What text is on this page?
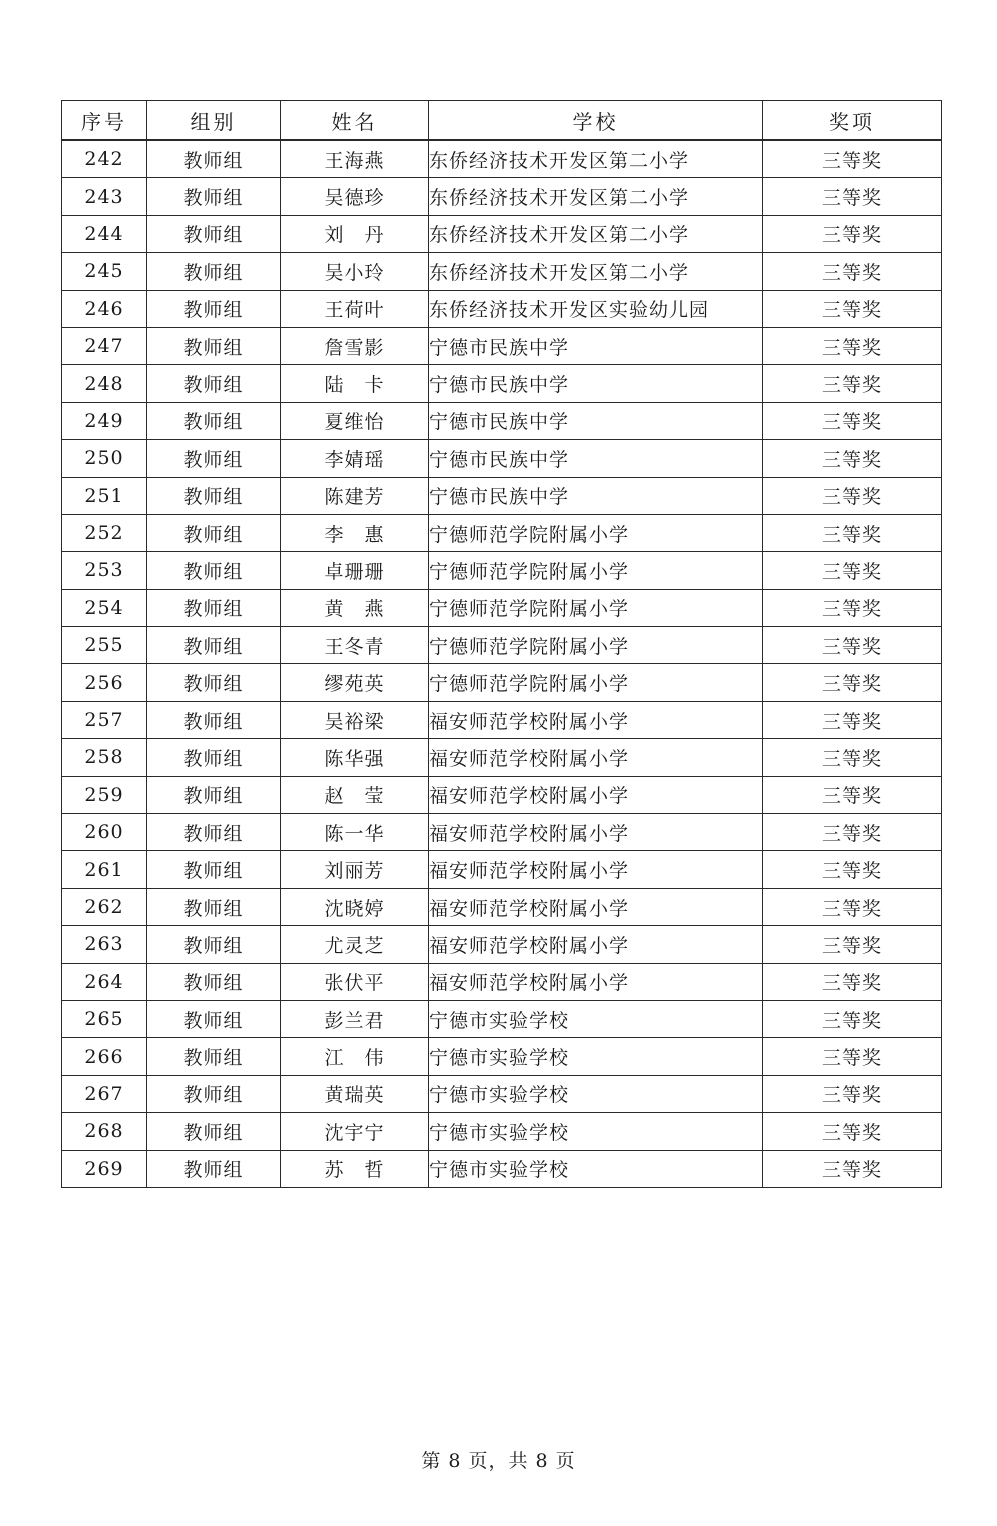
序号	组别	姓名	学校	奖项
242	教师组	王海燕	东侨经济技术开发区第二小学	三等奖
243	教师组	吴德珍	东侨经济技术开发区第二小学	三等奖
244	教师组	刘　丹	东侨经济技术开发区第二小学	三等奖
245	教师组	吴小玲	东侨经济技术开发区第二小学	三等奖
246	教师组	王荷叶	东侨经济技术开发区实验幼儿园	三等奖
247	教师组	詹雪影	宁德市民族中学	三等奖
248	教师组	陆　卡	宁德市民族中学	三等奖
249	教师组	夏维怡	宁德市民族中学	三等奖
250	教师组	李婧瑶	宁德市民族中学	三等奖
251	教师组	陈建芳	宁德市民族中学	三等奖
252	教师组	李　惠	宁德师范学院附属小学	三等奖
253	教师组	卓珊珊	宁德师范学院附属小学	三等奖
254	教师组	黄　燕	宁德师范学院附属小学	三等奖
255	教师组	王冬青	宁德师范学院附属小学	三等奖
256	教师组	缪苑英	宁德师范学院附属小学	三等奖
257	教师组	吴裕梁	福安师范学校附属小学	三等奖
258	教师组	陈华强	福安师范学校附属小学	三等奖
259	教师组	赵　莹	福安师范学校附属小学	三等奖
260	教师组	陈一华	福安师范学校附属小学	三等奖
261	教师组	刘丽芳	福安师范学校附属小学	三等奖
262	教师组	沈晓婷	福安师范学校附属小学	三等奖
263	教师组	尤灵芝	福安师范学校附属小学	三等奖
264	教师组	张伏平	福安师范学校附属小学	三等奖
265	教师组	彭兰君	宁德市实验学校	三等奖
266	教师组	江　伟	宁德市实验学校	三等奖
267	教师组	黄瑞英	宁德市实验学校	三等奖
268	教师组	沈宇宁	宁德市实验学校	三等奖
269	教师组	苏　哲	宁德市实验学校	三等奖
第 8 页，共 8 页
